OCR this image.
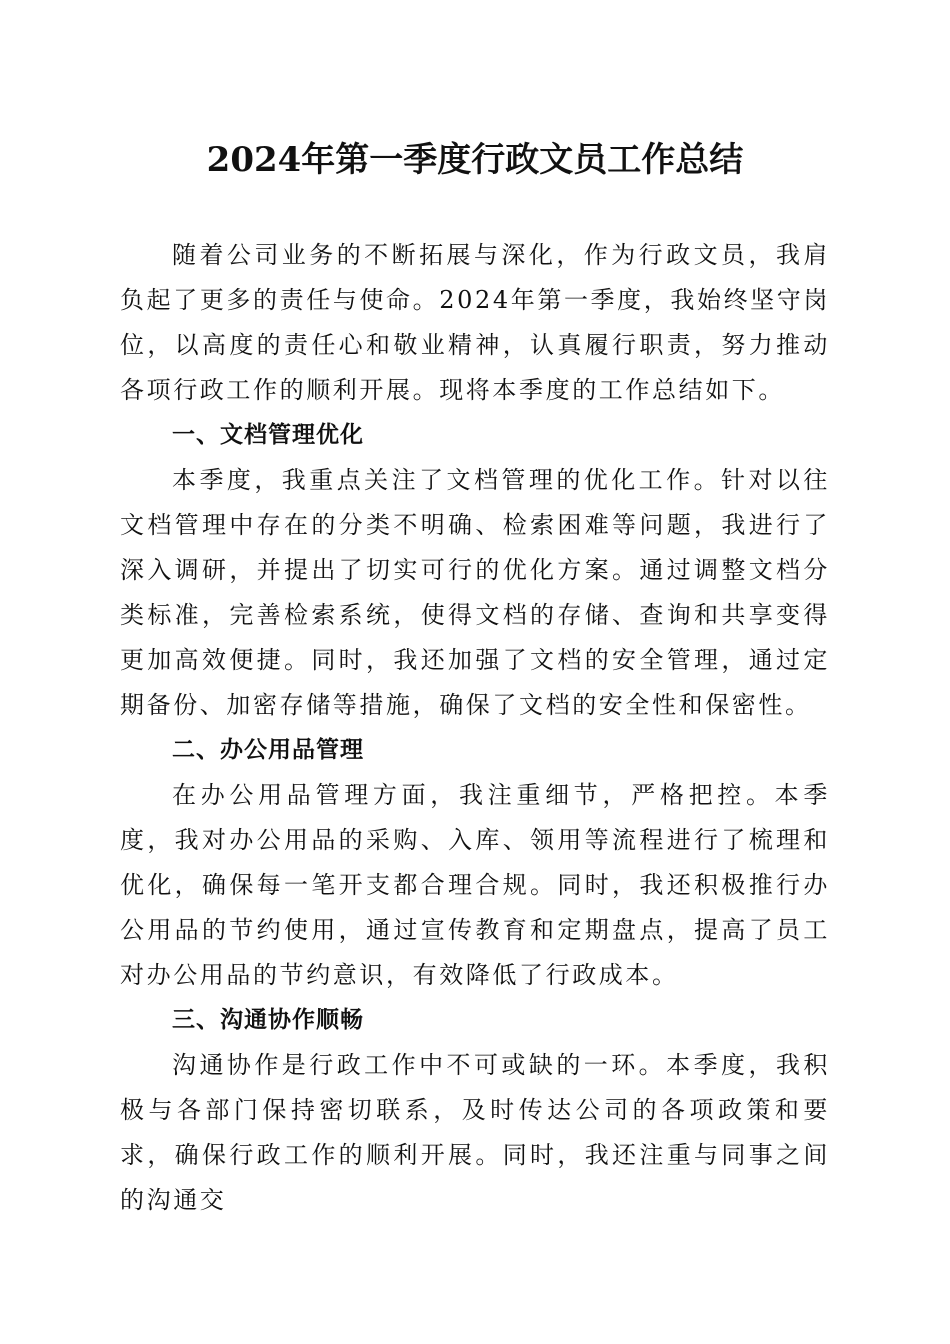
2024年第一季度行政文员工作总结

随着公司业务的不断拓展与深化，作为行政文员，我肩负起了更多的责任与使命。2024年第一季度，我始终坚守岗位，以高度的责任心和敬业精神，认真履行职责，努力推动各项行政工作的顺利开展。现将本季度的工作总结如下。

一、文档管理优化

本季度，我重点关注了文档管理的优化工作。针对以往文档管理中存在的分类不明确、检索困难等问题，我进行了深入调研，并提出了切实可行的优化方案。通过调整文档分类标准，完善检索系统，使得文档的存储、查询和共享变得更加高效便捷。同时，我还加强了文档的安全管理，通过定期备份、加密存储等措施，确保了文档的安全性和保密性。

二、办公用品管理

在办公用品管理方面，我注重细节，严格把控。本季度，我对办公用品的采购、入库、领用等流程进行了梳理和优化，确保每一笔开支都合理合规。同时，我还积极推行办公用品的节约使用，通过宣传教育和定期盘点，提高了员工对办公用品的节约意识，有效降低了行政成本。

三、沟通协作顺畅

沟通协作是行政工作中不可或缺的一环。本季度，我积极与各部门保持密切联系，及时传达公司的各项政策和要求，确保行政工作的顺利开展。同时，我还注重与同事之间的沟通交
